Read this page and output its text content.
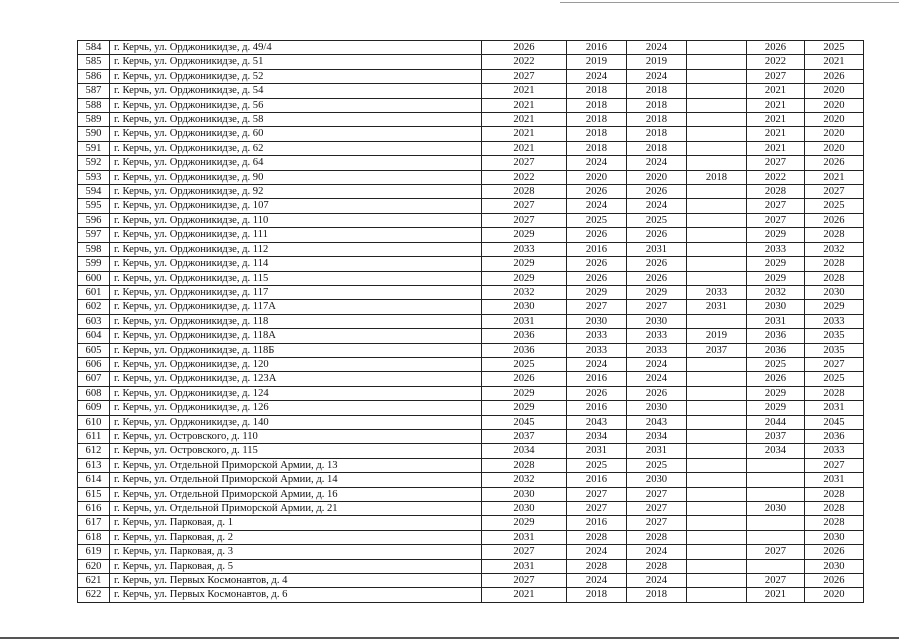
584	г. Керчь, ул. Орджоникидзе, д. 49/4	2026	2016	2024		2026	2025
585	г. Керчь, ул. Орджоникидзе, д. 51	2022	2019	2019		2022	2021
586	г. Керчь, ул. Орджоникидзе, д. 52	2027	2024	2024		2027	2026
587	г. Керчь, ул. Орджоникидзе, д. 54	2021	2018	2018		2021	2020
588	г. Керчь, ул. Орджоникидзе, д. 56	2021	2018	2018		2021	2020
589	г. Керчь, ул. Орджоникидзе, д. 58	2021	2018	2018		2021	2020
590	г. Керчь, ул. Орджоникидзе, д. 60	2021	2018	2018		2021	2020
591	г. Керчь, ул. Орджоникидзе, д. 62	2021	2018	2018		2021	2020
592	г. Керчь, ул. Орджоникидзе, д. 64	2027	2024	2024		2027	2026
593	г. Керчь, ул. Орджоникидзе, д. 90	2022	2020	2020	2018	2022	2021
594	г. Керчь, ул. Орджоникидзе, д. 92	2028	2026	2026		2028	2027
595	г. Керчь, ул. Орджоникидзе, д. 107	2027	2024	2024		2027	2025
596	г. Керчь, ул. Орджоникидзе, д. 110	2027	2025	2025		2027	2026
597	г. Керчь, ул. Орджоникидзе, д. 111	2029	2026	2026		2029	2028
598	г. Керчь, ул. Орджоникидзе, д. 112	2033	2016	2031		2033	2032
599	г. Керчь, ул. Орджоникидзе, д. 114	2029	2026	2026		2029	2028
600	г. Керчь, ул. Орджоникидзе, д. 115	2029	2026	2026		2029	2028
601	г. Керчь, ул. Орджоникидзе, д. 117	2032	2029	2029	2033	2032	2030
602	г. Керчь, ул. Орджоникидзе, д. 117А	2030	2027	2027	2031	2030	2029
603	г. Керчь, ул. Орджоникидзе, д. 118	2031	2030	2030		2031	2033
604	г. Керчь, ул. Орджоникидзе, д. 118А	2036	2033	2033	2019	2036	2035
605	г. Керчь, ул. Орджоникидзе, д. 118Б	2036	2033	2033	2037	2036	2035
606	г. Керчь, ул. Орджоникидзе, д. 120	2025	2024	2024		2025	2027
607	г. Керчь, ул. Орджоникидзе, д. 123А	2026	2016	2024		2026	2025
608	г. Керчь, ул. Орджоникидзе, д. 124	2029	2026	2026		2029	2028
609	г. Керчь, ул. Орджоникидзе, д. 126	2029	2016	2030		2029	2031
610	г. Керчь, ул. Орджоникидзе, д. 140	2045	2043	2043		2044	2045
611	г. Керчь, ул. Островского, д. 110	2037	2034	2034		2037	2036
612	г. Керчь, ул. Островского, д. 115	2034	2031	2031		2034	2033
613	г. Керчь, ул. Отдельной Приморской Армии, д. 13	2028	2025	2025			2027
614	г. Керчь, ул. Отдельной Приморской Армии, д. 14	2032	2016	2030			2031
615	г. Керчь, ул. Отдельной Приморской Армии, д. 16	2030	2027	2027			2028
616	г. Керчь, ул. Отдельной Приморской Армии, д. 21	2030	2027	2027		2030	2028
617	г. Керчь, ул. Парковая, д. 1	2029	2016	2027			2028
618	г. Керчь, ул. Парковая, д. 2	2031	2028	2028			2030
619	г. Керчь, ул. Парковая, д. 3	2027	2024	2024		2027	2026
620	г. Керчь, ул. Парковая, д. 5	2031	2028	2028			2030
621	г. Керчь, ул. Первых Космонавтов, д. 4	2027	2024	2024		2027	2026
622	г. Керчь, ул. Первых Космонавтов, д. 6	2021	2018	2018		2021	2020
